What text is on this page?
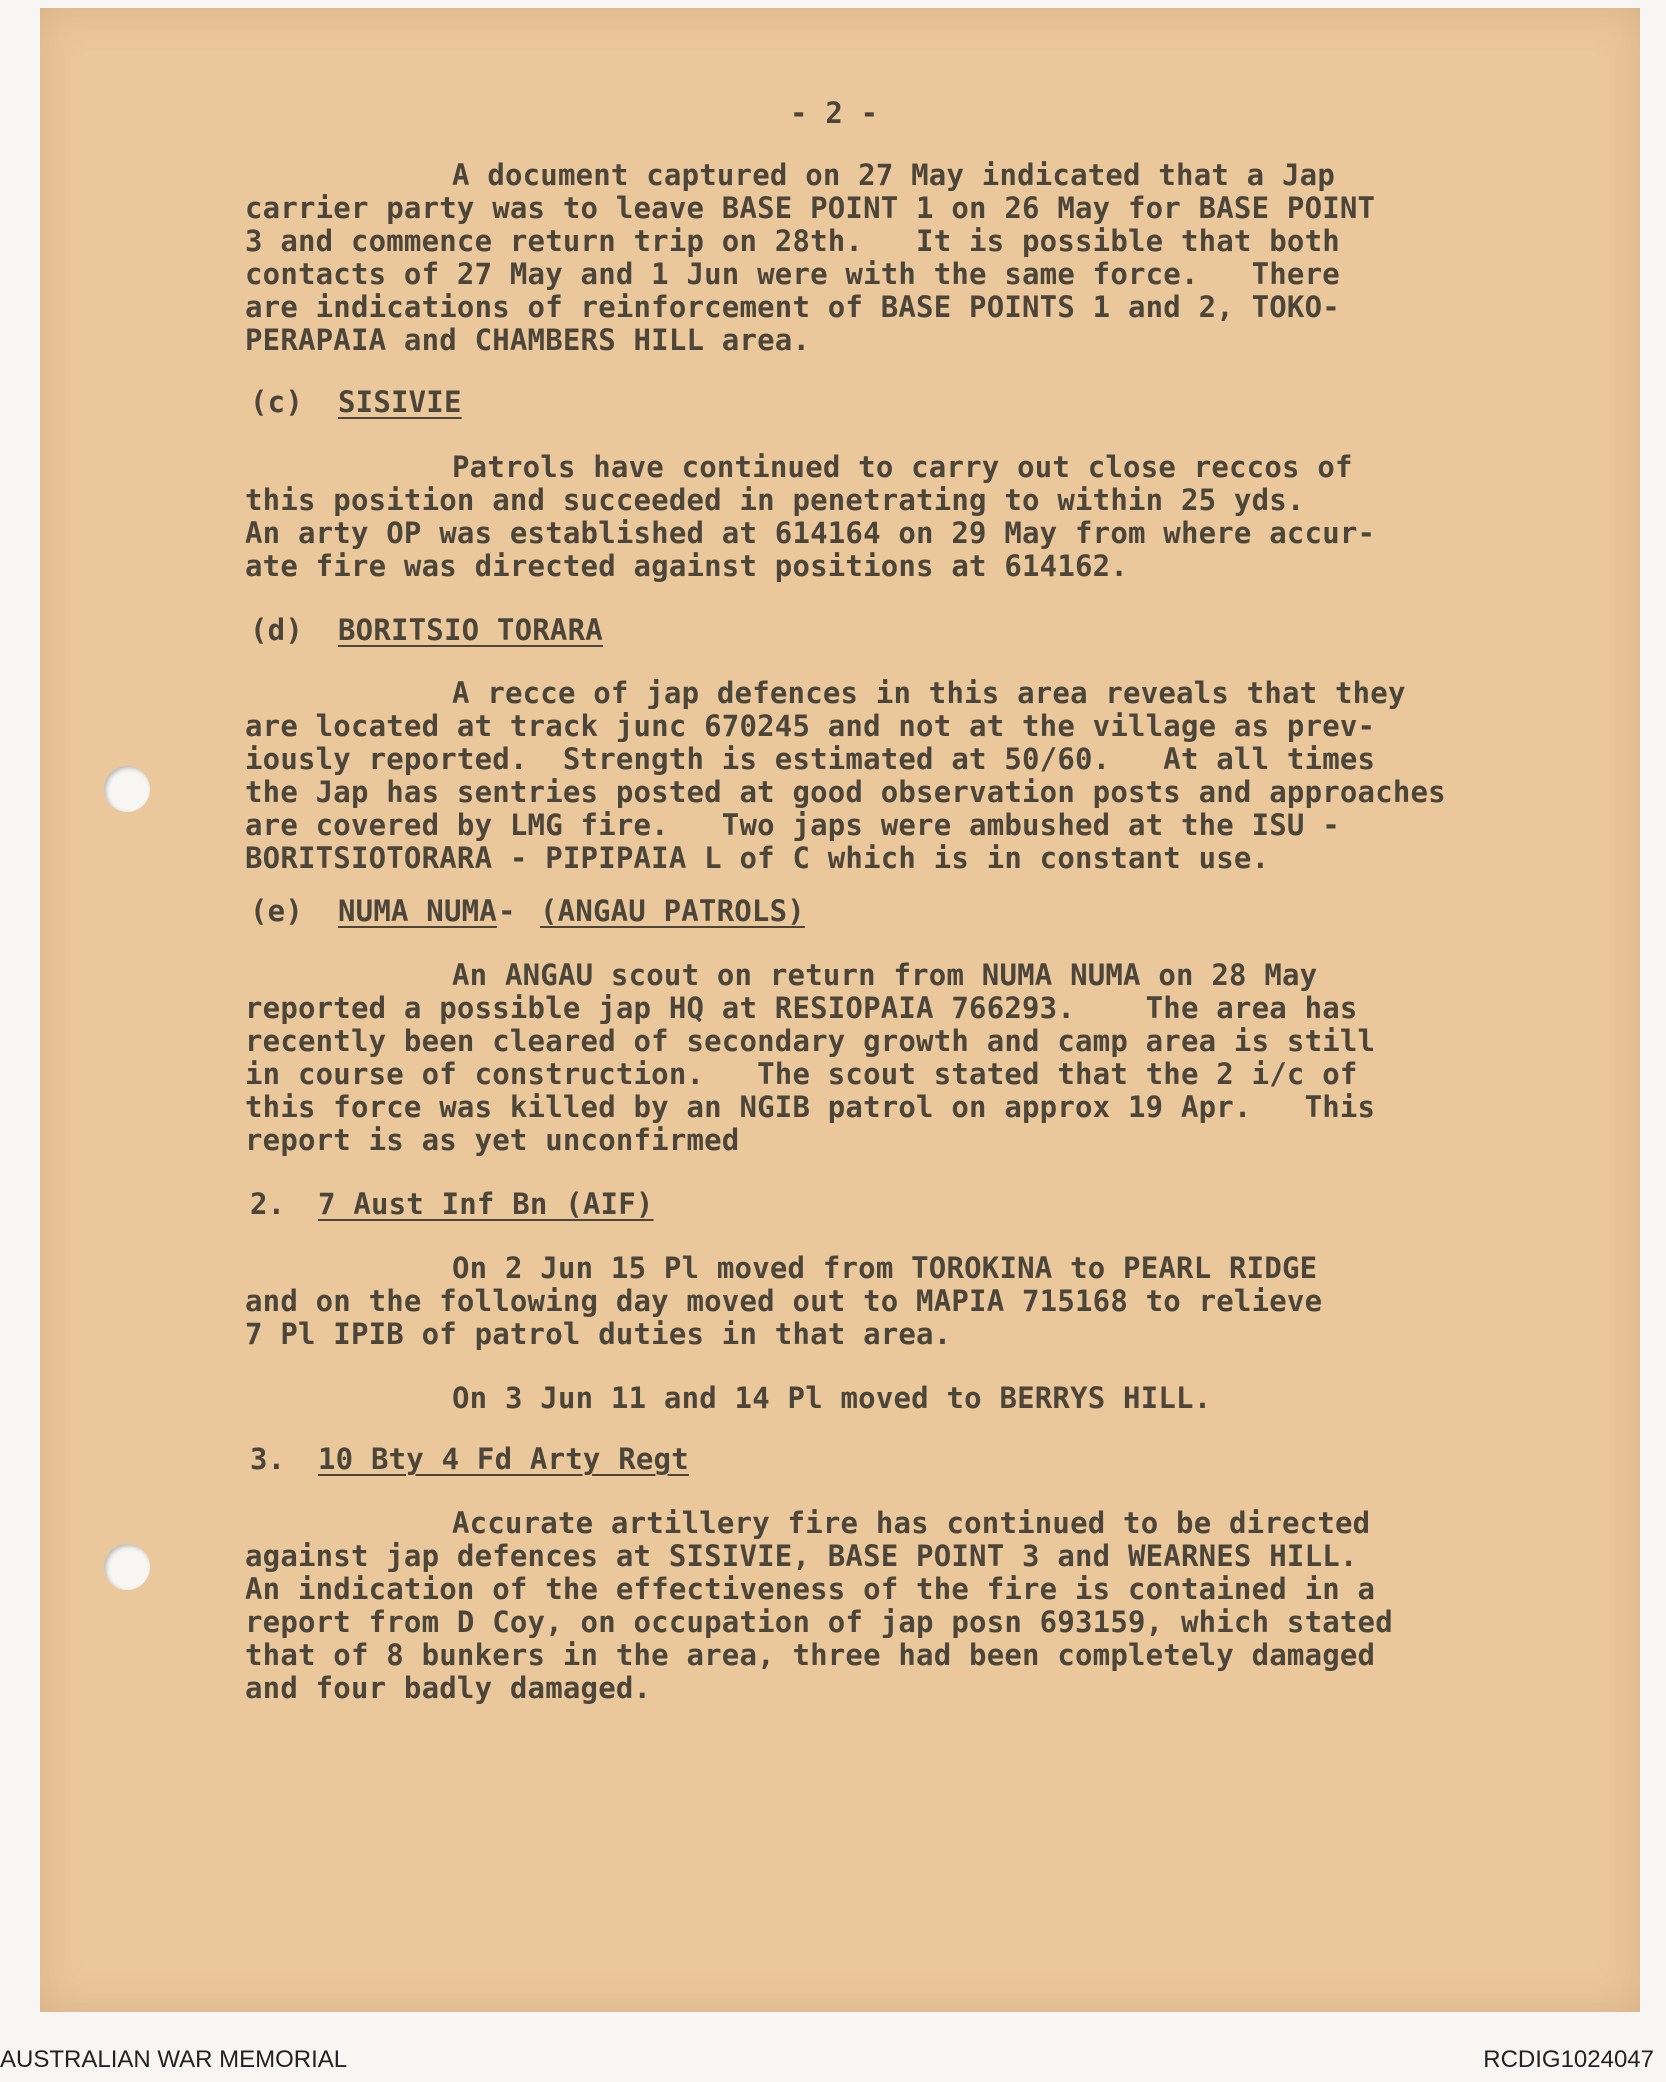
- 2 -
A document captured on 27 May indicated that a Jap
carrier party was to leave BASE POINT 1 on 26 May for BASE POINT
3 and commence return trip on 28th.   It is possible that both
contacts of 27 May and 1 Jun were with the same force.   There
are indications of reinforcement of BASE POINTS 1 and 2, TOKO-
PERAPAIA and CHAMBERS HILL area.
(c) SISIVIE
Patrols have continued to carry out close reccos of
this position and succeeded in penetrating to within 25 yds.
An arty OP was established at 614164 on 29 May from where accur-
ate fire was directed against positions at 614162.
(d) BORITSIO TORARA
A recce of jap defences in this area reveals that they
are located at track junc 670245 and not at the village as prev-
iously reported.  Strength is estimated at 50/60.   At all times
the Jap has sentries posted at good observation posts and approaches
are covered by LMG fire.   Two japs were ambushed at the ISU -
BORITSIOTORARA - PIPIPAIA L of C which is in constant use.
(e) NUMA NUMA - (ANGAU PATROLS)
An ANGAU scout on return from NUMA NUMA on 28 May
reported a possible jap HQ at RESIOPAIA 766293.    The area has
recently been cleared of secondary growth and camp area is still
in course of construction.   The scout stated that the 2 i/c of
this force was killed by an NGIB patrol on approx 19 Apr.   This
report is as yet unconfirmed
2. 7 Aust Inf Bn (AIF)
On 2 Jun 15 Pl moved from TOROKINA to PEARL RIDGE
and on the following day moved out to MAPIA 715168 to relieve
7 Pl IPIB of patrol duties in that area.
On 3 Jun 11 and 14 Pl moved to BERRYS HILL.
3. 10 Bty 4 Fd Arty Regt
Accurate artillery fire has continued to be directed
against jap defences at SISIVIE, BASE POINT 3 and WEARNES HILL.
An indication of the effectiveness of the fire is contained in a
report from D Coy, on occupation of jap posn 693159, which stated
that of 8 bunkers in the area, three had been completely damaged
and four badly damaged.
AUSTRALIAN WAR MEMORIAL	RCDIG1024047
